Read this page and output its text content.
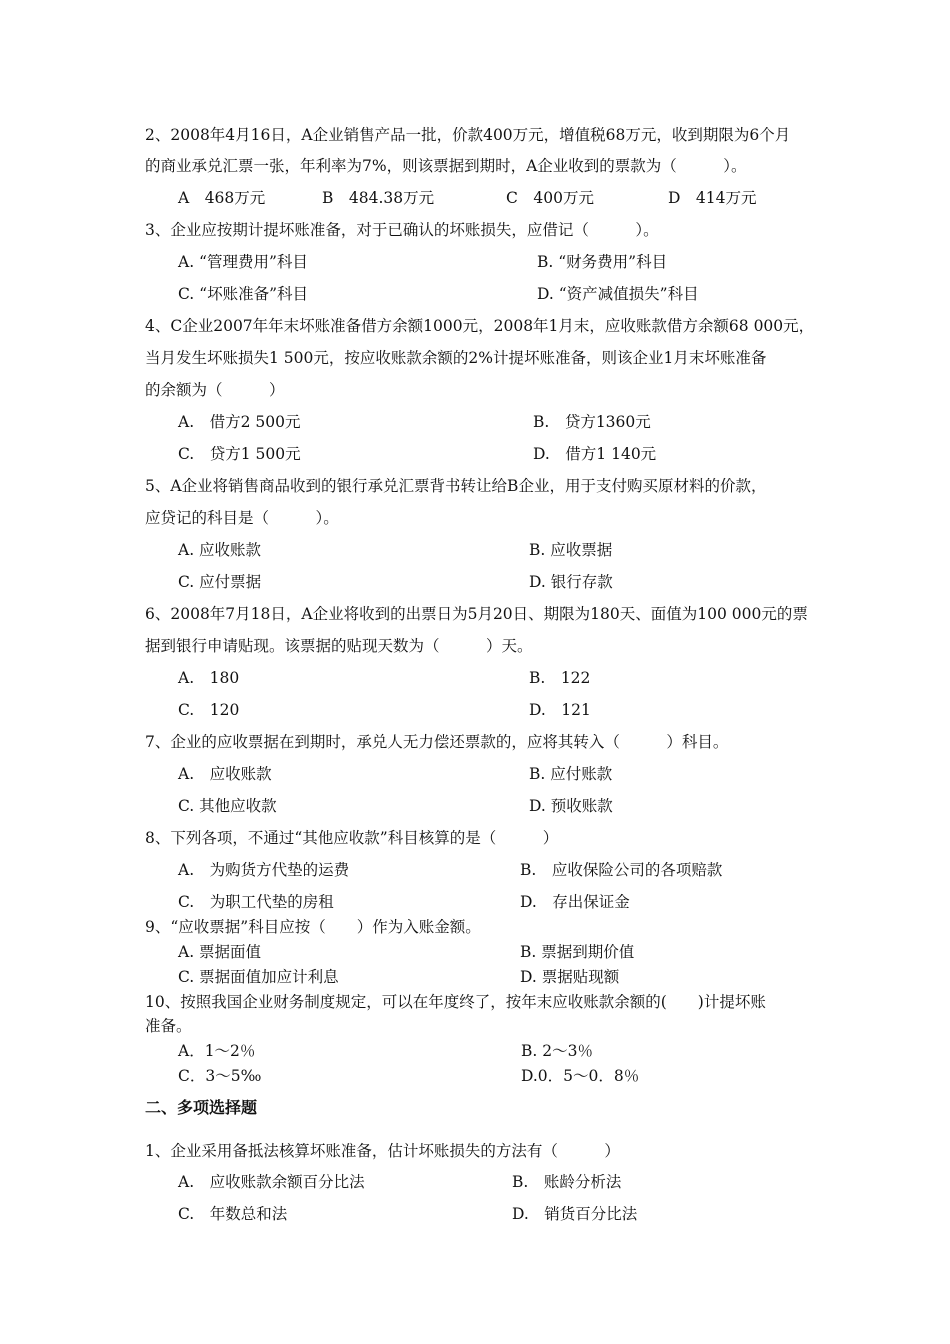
2、2008年4月16日，A企业销售产品一批，价款400万元，增值税68万元，收到期限为6个月
的商业承兑汇票一张，年利率为7%，则该票据到期时，A企业收到的票款为（　　　）。
A　468万元	B　484.38万元	C　400万元	D　414万元
3、企业应按期计提坏账准备，对于已确认的坏账损失，应借记（　　　）。
A. “管理费用”科目	B. “财务费用”科目
C. “坏账准备”科目	D. “资产减值损失”科目
4、C企业2007年年末坏账准备借方余额1000元，2008年1月末，应收账款借方余额68 000元，
当月发生坏账损失1 500元，按应收账款余额的2%计提坏账准备，则该企业1月末坏账准备
的余额为（　　　）
A.　借方2 500元	B.　贷方1360元
C.　贷方1 500元	D.　借方1 140元
5、A企业将销售商品收到的银行承兑汇票背书转让给B企业，用于支付购买原材料的价款，
应贷记的科目是（　　　）。
A. 应收账款	B. 应收票据
C. 应付票据	D. 银行存款
6、2008年7月18日，A企业将收到的出票日为5月20日、期限为180天、面值为100 000元的票
据到银行申请贴现。该票据的贴现天数为（　　　）天。
A.　180	B.　122
C.　120	D.　121
7、企业的应收票据在到期时，承兑人无力偿还票款的，应将其转入（　　　）科目。
A.　应收账款	B. 应付账款
C. 其他应收款	D. 预收账款
8、下列各项，不通过“其他应收款”科目核算的是（　　　）
A.　为购货方代垫的运费	B.　应收保险公司的各项赔款
C.　为职工代垫的房租	D.　存出保证金
9、“应收票据”科目应按（　　）作为入账金额。
A. 票据面值	B. 票据到期价值
C. 票据面值加应计利息	D. 票据贴现额
10、按照我国企业财务制度规定，可以在年度终了，按年末应收账款余额的(　　)计提坏账
准备。
A．1～2％	B. 2～3％
C．3～5‰	D.0．5～0．8％
二、多项选择题
1、企业采用备抵法核算坏账准备，估计坏账损失的方法有（　　　）
A.　应收账款余额百分比法	B.　账龄分析法
C.　年数总和法	D.　销货百分比法
